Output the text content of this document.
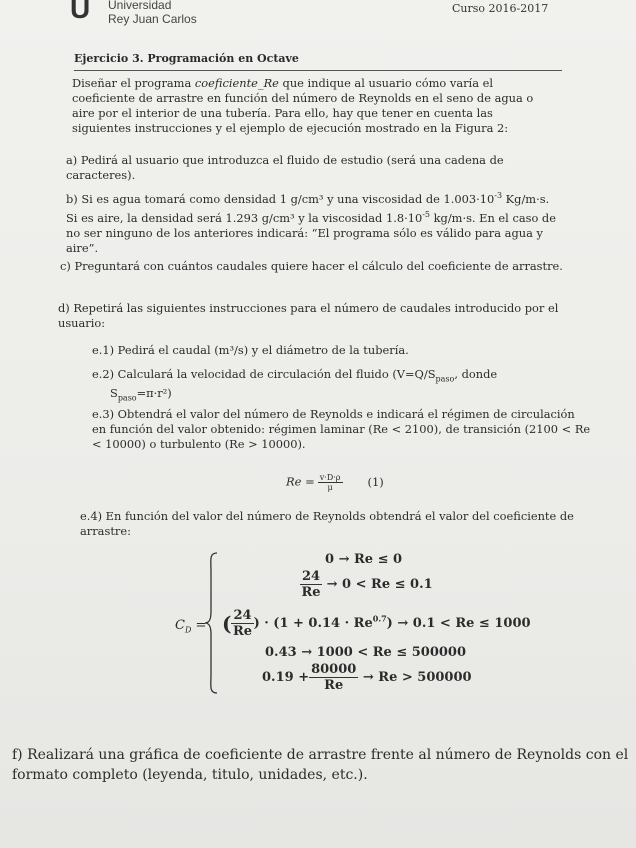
U	Universidad
Rey Juan Carlos
Curso 2016-2017
Ejercicio 3. Programación en Octave
Diseñar el programa coeficiente_Re que indique al usuario cómo varía el coeficiente de arrastre en función del número de Reynolds en el seno de agua o aire por el interior de una tubería. Para ello, hay que tener en cuenta las siguientes instrucciones y el ejemplo de ejecución mostrado en la Figura 2:
a) Pedirá al usuario que introduzca el fluido de estudio (será una cadena de caracteres).
b) Si es agua tomará como densidad 1 g/cm³ y una viscosidad de $1.003\cdot 10^{-3}$ Kg/m·s. Si es aire, la densidad será 1.293 g/cm³ y la viscosidad $1.8\cdot 10^{-5}$ kg/m·s. En el caso de no ser ninguno de los anteriores indicará: “El programa sólo es válido para agua y aire”.
c) Preguntará con cuántos caudales quiere hacer el cálculo del coeficiente de arrastre.
d) Repetirá las siguientes instrucciones para el número de caudales introducido por el usuario:
e.1) Pedirá el caudal (m³/s) y el diámetro de la tubería.
e.2) Calculará la velocidad de circulación del fluido ($V=Q/S_{paso}$, donde
$S_{paso}=\pi\cdot r^2$)
e.3) Obtendrá el valor del número de Reynolds e indicará el régimen de circulación en función del valor obtenido: régimen laminar (Re < 2100), de transición (2100 < Re < 10000) o turbulento (Re > 10000).
$Re = \frac{v\cdot D\cdot\rho}{\mu} (1)$
e.4) En función del valor del número de Reynolds obtendrá el valor del coeficiente de arrastre:
$C_D$ =
0 → Re ≤ 0
$\frac{24}{Re} \to 0 < Re \le 0.1$
( $\frac{24}{Re}$ ) · $(1 + 0.14 \cdot Re^{0.7}) \to 0.1 < Re \le 1000$
0.43 → 1000 < Re ≤ 500000
$0.19 + \frac{80000}{Re} \to Re > 500000$
f) Realizará una gráfica de coeficiente de arrastre frente al número de Reynolds con el formato completo (leyenda, titulo, unidades, etc.).
